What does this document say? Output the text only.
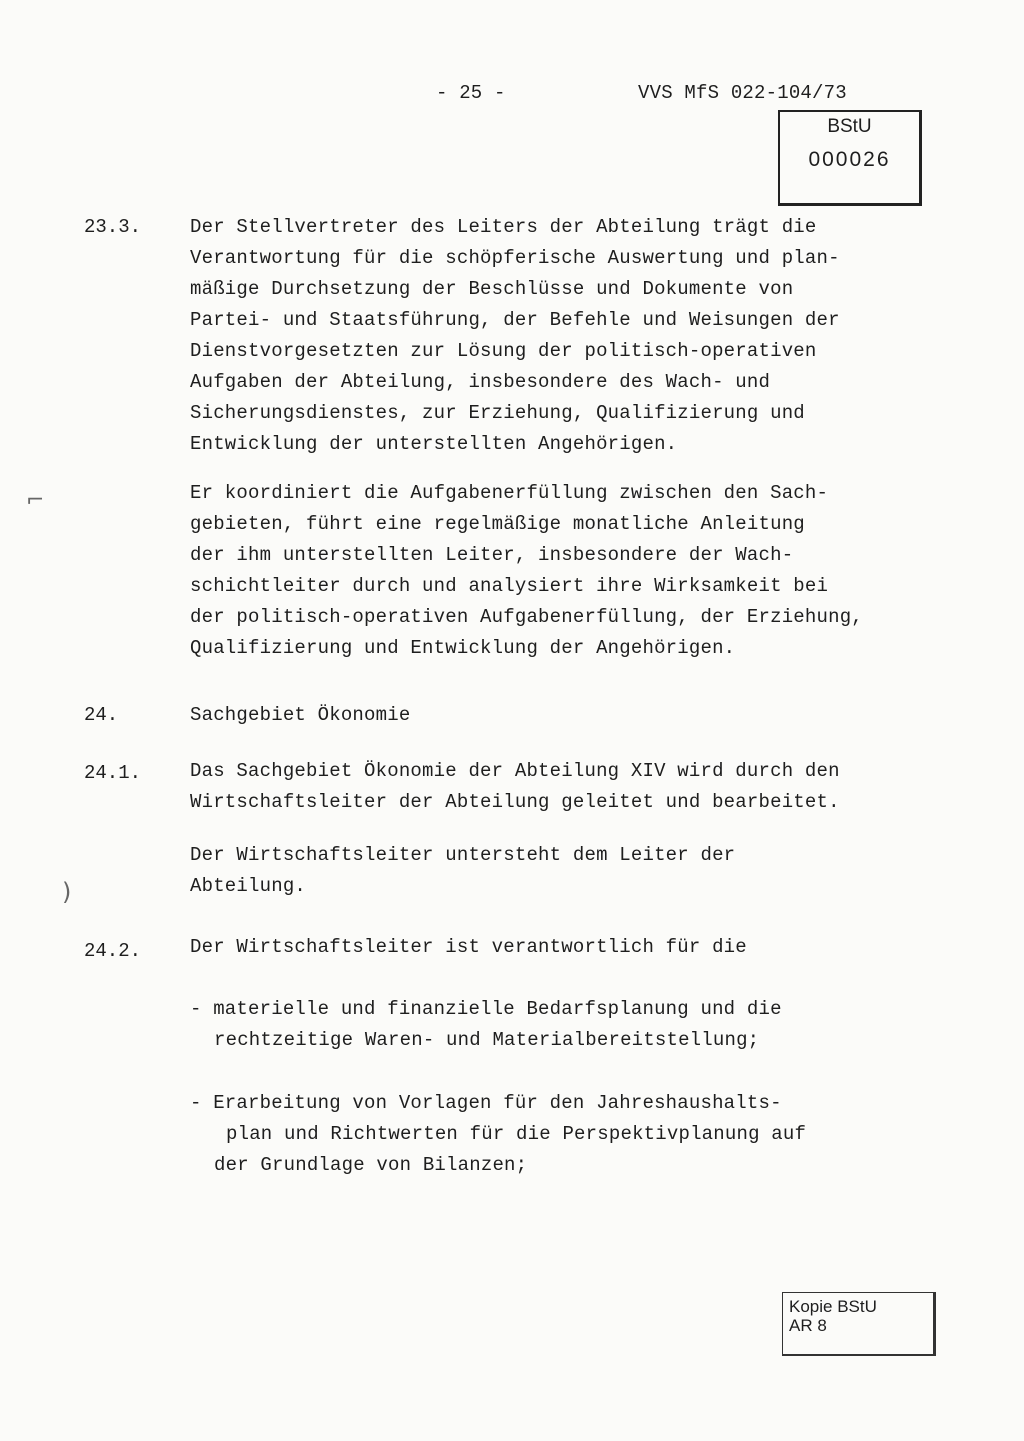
- 25 -	VVS MfS 022-104/73
BStU
000026
23.3.	Der Stellvertreter des Leiters der Abteilung trägt die
Verantwortung für die schöpferische Auswertung und plan-
mäßige Durchsetzung der Beschlüsse und Dokumente von
Partei- und Staatsführung, der Befehle und Weisungen der
Dienstvorgesetzten zur Lösung der politisch-operativen
Aufgaben der Abteilung, insbesondere des Wach- und
Sicherungsdienstes, zur Erziehung, Qualifizierung und
Entwicklung der unterstellten Angehörigen.
⌐	Er koordiniert die Aufgabenerfüllung zwischen den Sach-
gebieten, führt eine regelmäßige monatliche Anleitung
der ihm unterstellten Leiter, insbesondere der Wach-
schichtleiter durch und analysiert ihre Wirksamkeit bei
der politisch-operativen Aufgabenerfüllung, der Erziehung,
Qualifizierung und Entwicklung der Angehörigen.
24.	Sachgebiet Ökonomie
24.1.	Das Sachgebiet Ökonomie der Abteilung XIV wird durch den
Wirtschaftsleiter der Abteilung geleitet und bearbeitet.
Der Wirtschaftsleiter untersteht dem Leiter der
Abteilung.
)
24.2.	Der Wirtschaftsleiter ist verantwortlich für die
- materielle und finanzielle Bedarfsplanung und die
rechtzeitige Waren- und Materialbereitstellung;
- Erarbeitung von Vorlagen für den Jahreshaushalts-
plan und Richtwerten für die Perspektivplanung auf
der Grundlage von Bilanzen;
Kopie BStU
AR 8
